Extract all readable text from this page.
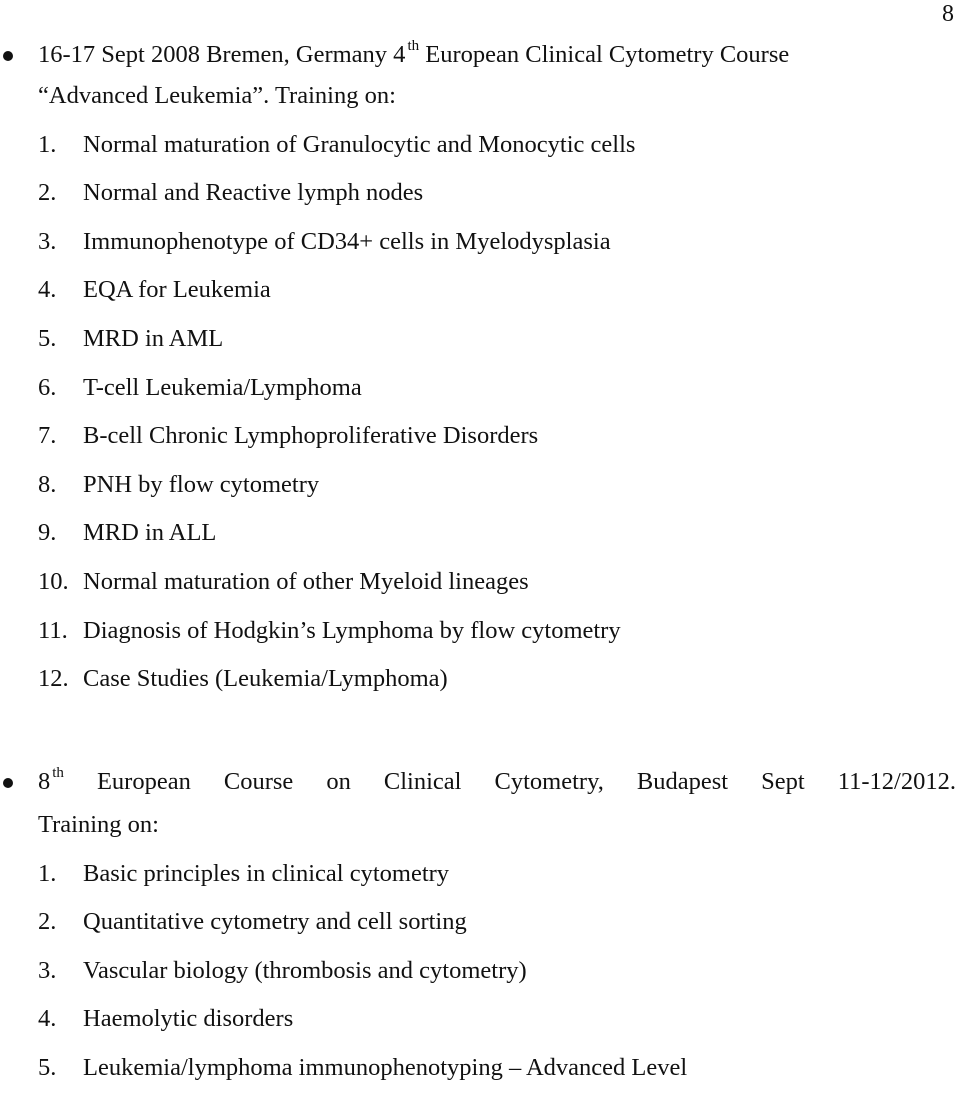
8
16-17 Sept 2008 Bremen, Germany 4 $^{th}$ European Clinical Cytometry Course
“Advanced Leukemia”. Training on:
1. Normal maturation of Granulocytic and Monocytic cells
2. Normal and Reactive lymph nodes
3. Immunophenotype of CD34+ cells in Myelodysplasia
4. EQA for Leukemia
5. MRD in AML
6. T-cell Leukemia/Lymphoma
7. B-cell Chronic Lymphoproliferative Disorders
8. PNH by flow cytometry
9. MRD in ALL
10. Normal maturation of other Myeloid lineages
11. Diagnosis of Hodgkin’s Lymphoma by flow cytometry
12. Case Studies (Leukemia/Lymphoma)
8 $^{th}$ European Course on Clinical Cytometry, Budapest Sept 11-12/2012.
Training on:
1. Basic principles in clinical cytometry
2. Quantitative cytometry and cell sorting
3. Vascular biology (thrombosis and cytometry)
4. Haemolytic disorders
5. Leukemia/lymphoma immunophenotyping – Advanced Level
